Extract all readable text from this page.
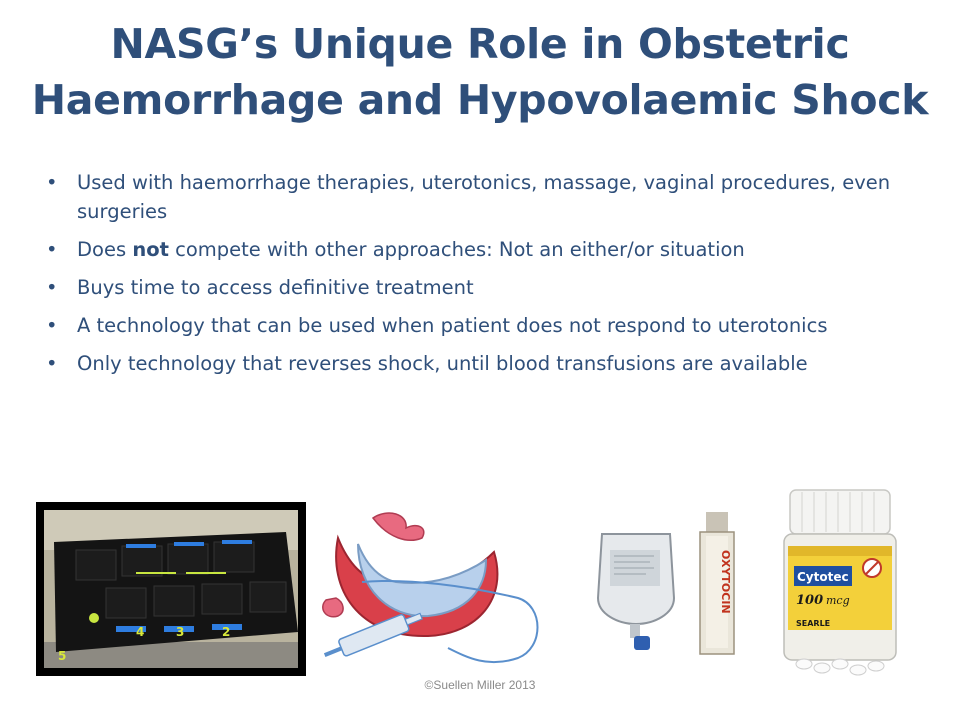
NASG’s Unique Role in Obstetric
Haemorrhage and Hypovolaemic Shock
• Used with haemorrhage therapies, uterotonics, massage, vaginal procedures, even surgeries
• Does not compete with other approaches: Not an either/or situation
• Buys time to access definitive treatment
• A technology that can be used when patient does not respond to uterotonics
• Only technology that reverses shock, until blood transfusions are available
5
3	2
4
OXYTOCIN	Cytotec
100 mcg
SEARLE
©Suellen Miller 2013
